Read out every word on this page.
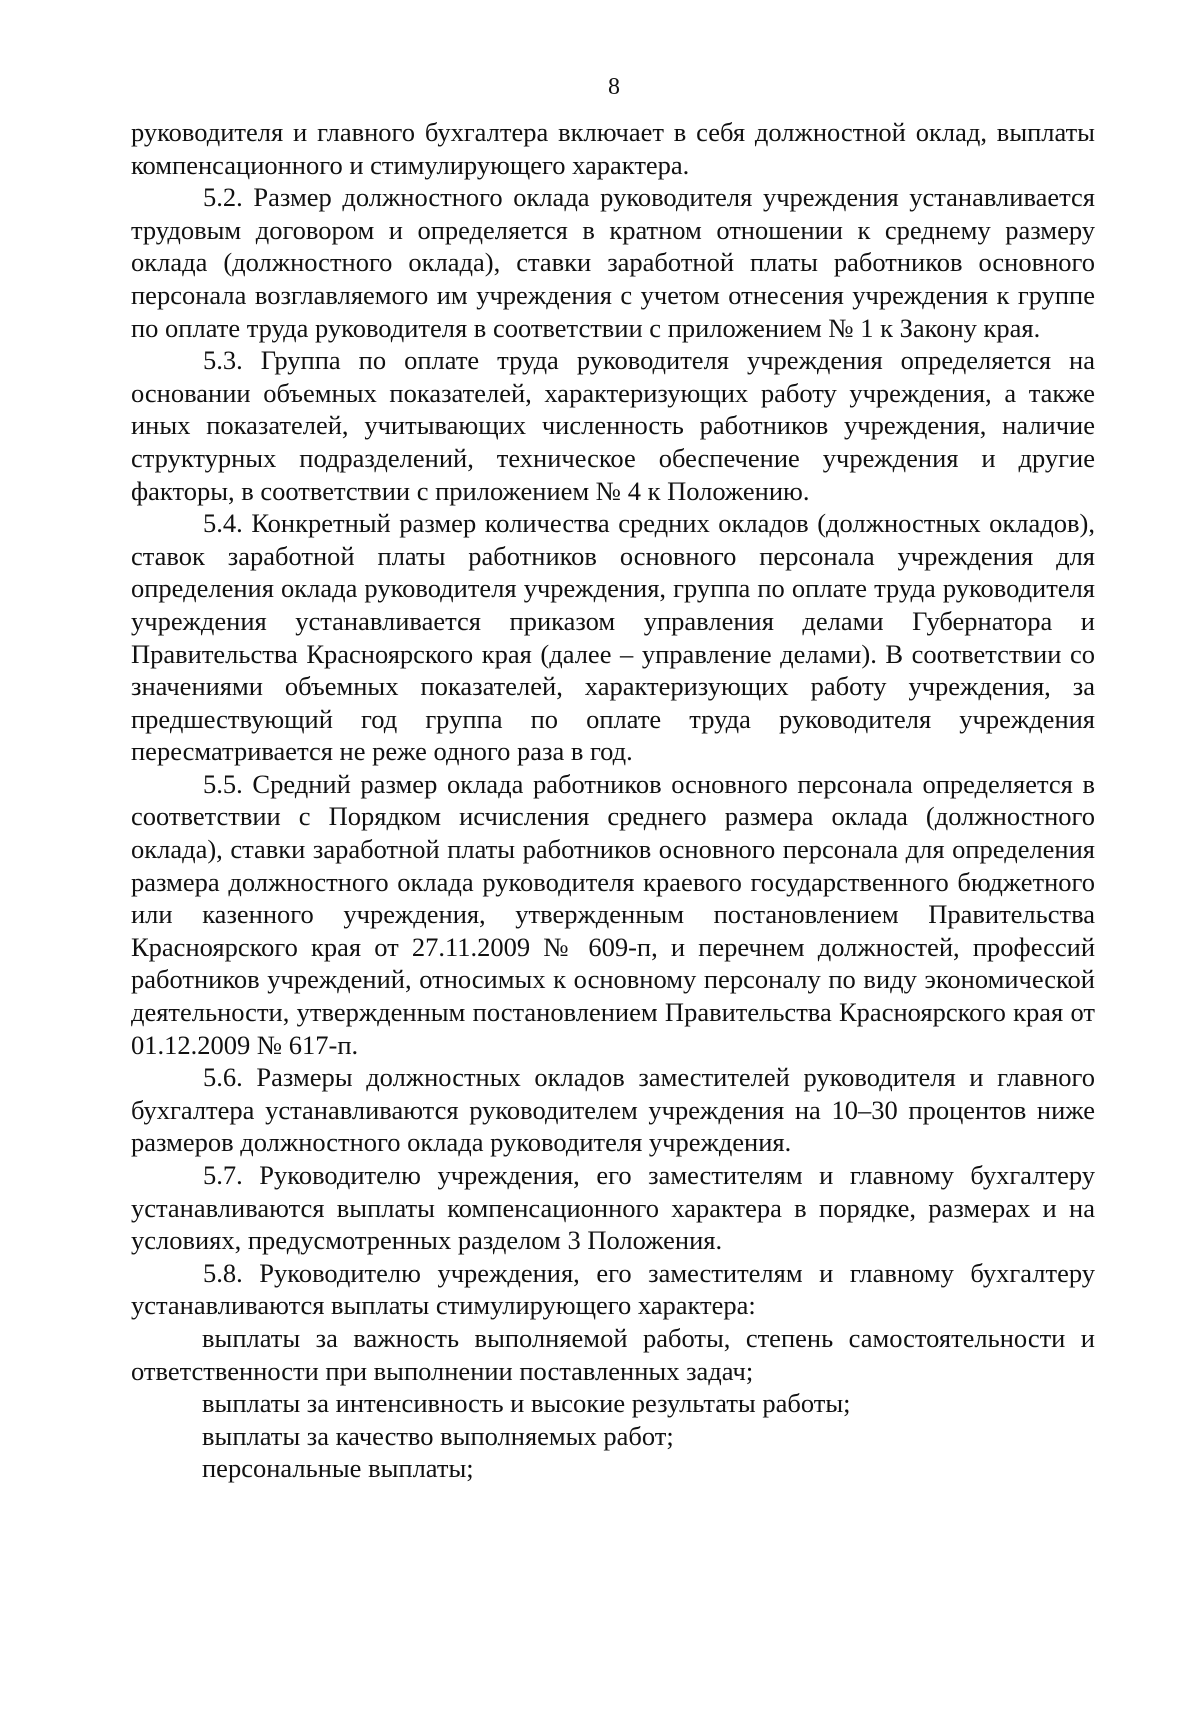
8

руководителя и главного бухгалтера включает в себя должностной оклад, выплаты компенсационного и стимулирующего характера.

5.2. Размер должностного оклада руководителя учреждения устанавливается трудовым договором и определяется в кратном отношении к среднему размеру оклада (должностного оклада), ставки заработной платы работников основного персонала возглавляемого им учреждения с учетом отнесения учреждения к группе по оплате труда руководителя в соответствии с приложением № 1 к Закону края.

5.3. Группа по оплате труда руководителя учреждения определяется на основании объемных показателей, характеризующих работу учреждения, а также иных показателей, учитывающих численность работников учреждения, наличие структурных подразделений, техническое обеспечение учреждения и другие факторы, в соответствии с приложением № 4 к Положению.

5.4. Конкретный размер количества средних окладов (должностных окладов), ставок заработной платы работников основного персонала учреждения для определения оклада руководителя учреждения, группа по оплате труда руководителя учреждения устанавливается приказом управления делами Губернатора и Правительства Красноярского края (далее – управление делами). В соответствии со значениями объемных показателей, характеризующих работу учреждения, за предшествующий год группа по оплате труда руководителя учреждения пересматривается не реже одного раза в год.

5.5. Средний размер оклада работников основного персонала определяется в соответствии с Порядком исчисления среднего размера оклада (должностного оклада), ставки заработной платы работников основного персонала для определения размера должностного оклада руководителя краевого государственного бюджетного или казенного учреждения, утвержденным постановлением Правительства Красноярского края от 27.11.2009 № 609-п, и перечнем должностей, профессий работников учреждений, относимых к основному персоналу по виду экономической деятельности, утвержденным постановлением Правительства Красноярского края от 01.12.2009 № 617-п.

5.6. Размеры должностных окладов заместителей руководителя и главного бухгалтера устанавливаются руководителем учреждения на 10–30 процентов ниже размеров должностного оклада руководителя учреждения.

5.7. Руководителю учреждения, его заместителям и главному бухгалтеру устанавливаются выплаты компенсационного характера в порядке, размерах и на условиях, предусмотренных разделом 3 Положения.

5.8. Руководителю учреждения, его заместителям и главному бухгалтеру устанавливаются выплаты стимулирующего характера:

выплаты за важность выполняемой работы, степень самостоятельности и ответственности при выполнении поставленных задач;

выплаты за интенсивность и высокие результаты работы;

выплаты за качество выполняемых работ;

персональные выплаты;
